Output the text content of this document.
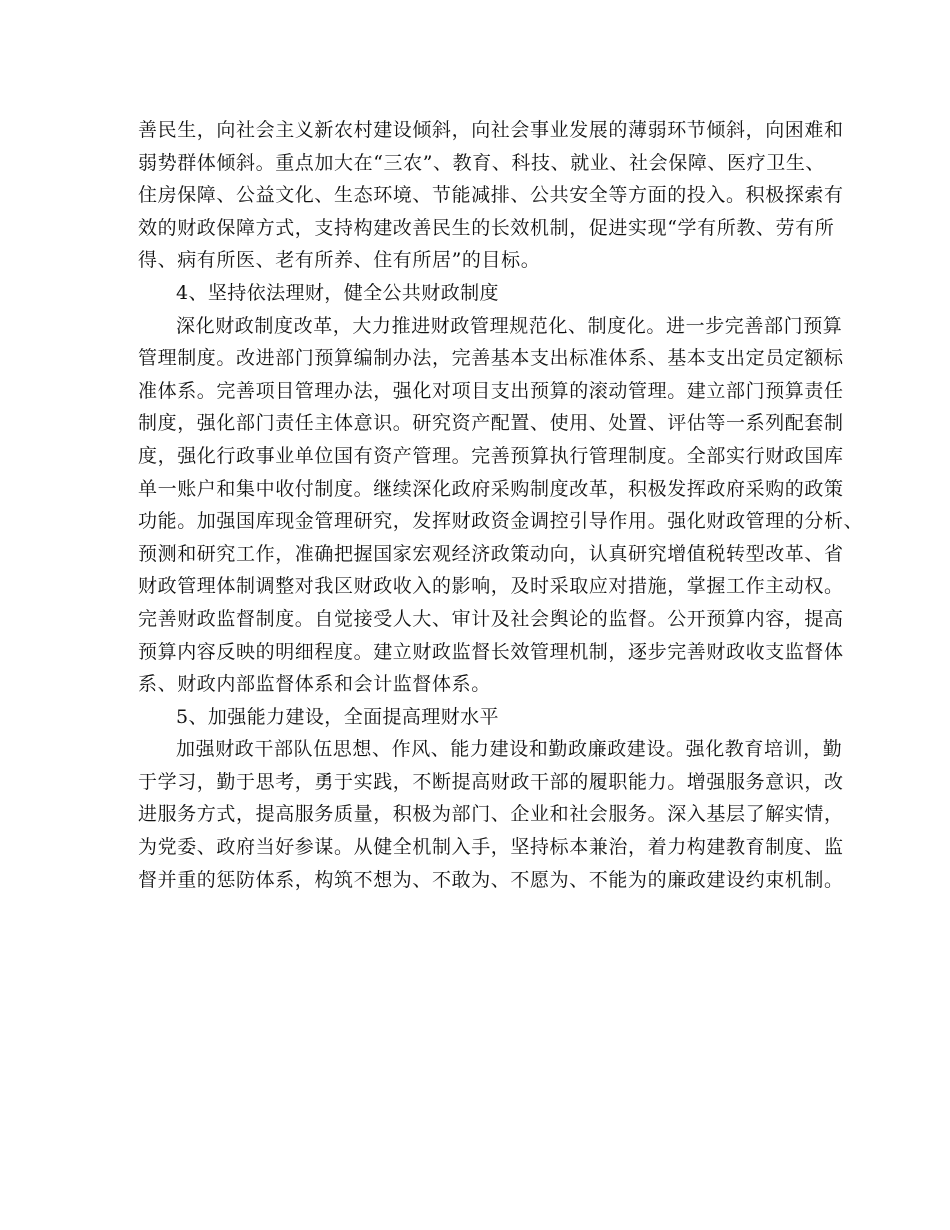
善民生，向社会主义新农村建设倾斜，向社会事业发展的薄弱环节倾斜，向困难和
弱势群体倾斜。重点加大在“三农”、教育、科技、就业、社会保障、医疗卫生、
住房保障、公益文化、生态环境、节能减排、公共安全等方面的投入。积极探索有
效的财政保障方式，支持构建改善民生的长效机制，促进实现“学有所教、劳有所
得、病有所医、老有所养、住有所居”的目标。
4、坚持依法理财，健全公共财政制度
深化财政制度改革，大力推进财政管理规范化、制度化。进一步完善部门预算
管理制度。改进部门预算编制办法，完善基本支出标准体系、基本支出定员定额标
准体系。完善项目管理办法，强化对项目支出预算的滚动管理。建立部门预算责任
制度，强化部门责任主体意识。研究资产配置、使用、处置、评估等一系列配套制
度，强化行政事业单位国有资产管理。完善预算执行管理制度。全部实行财政国库
单一账户和集中收付制度。继续深化政府采购制度改革，积极发挥政府采购的政策
功能。加强国库现金管理研究，发挥财政资金调控引导作用。强化财政管理的分析、
预测和研究工作，准确把握国家宏观经济政策动向，认真研究增值税转型改革、省
财政管理体制调整对我区财政收入的影响，及时采取应对措施，掌握工作主动权。
完善财政监督制度。自觉接受人大、审计及社会舆论的监督。公开预算内容，提高
预算内容反映的明细程度。建立财政监督长效管理机制，逐步完善财政收支监督体
系、财政内部监督体系和会计监督体系。
5、加强能力建设，全面提高理财水平
加强财政干部队伍思想、作风、能力建设和勤政廉政建设。强化教育培训，勤
于学习，勤于思考，勇于实践，不断提高财政干部的履职能力。增强服务意识，改
进服务方式，提高服务质量，积极为部门、企业和社会服务。深入基层了解实情，
为党委、政府当好参谋。从健全机制入手，坚持标本兼治，着力构建教育制度、监
督并重的惩防体系，构筑不想为、不敢为、不愿为、不能为的廉政建设约束机制。
